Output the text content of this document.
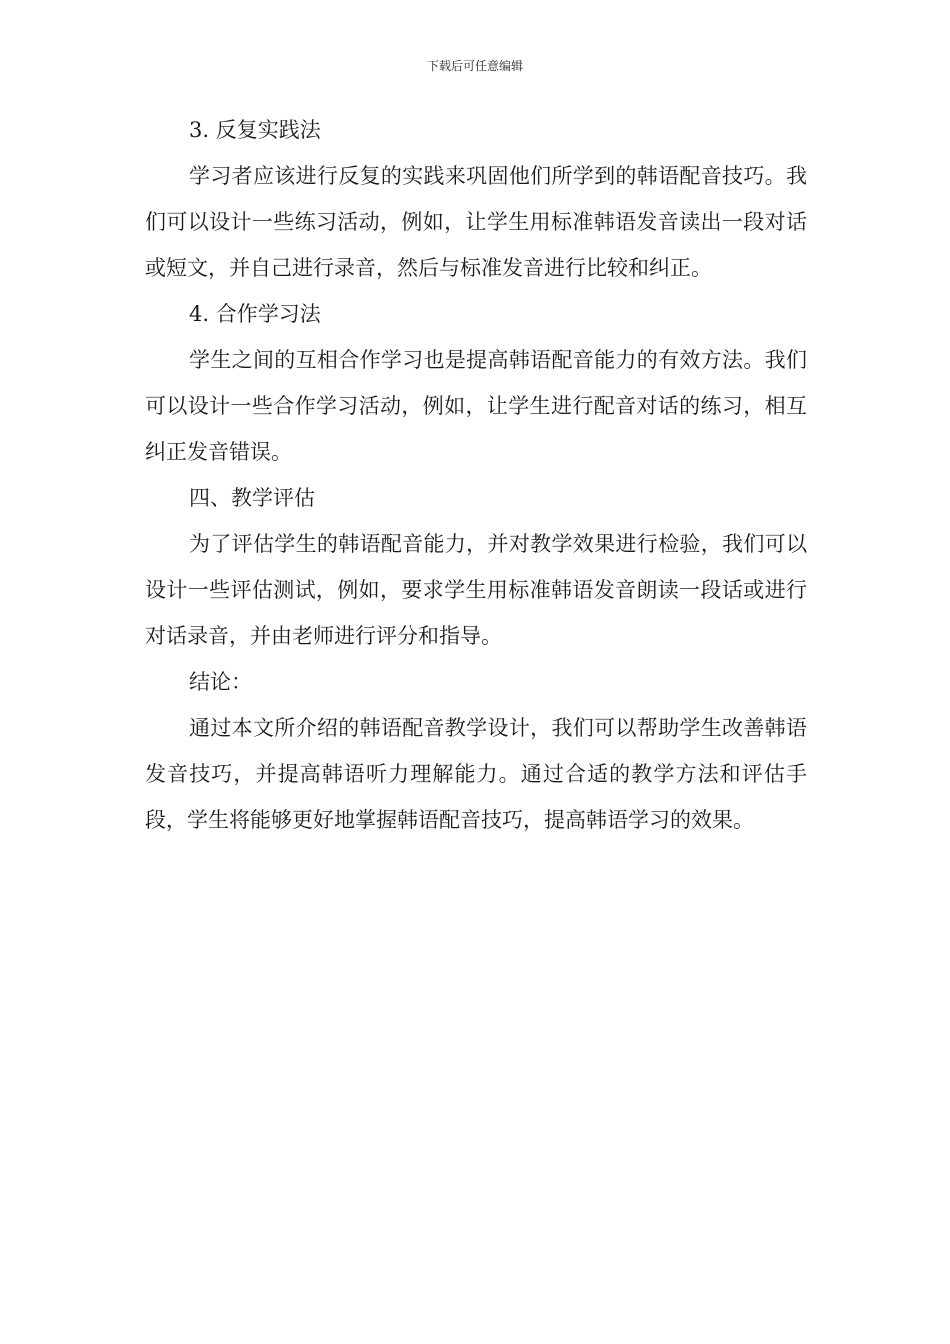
下载后可任意编辑

3. 反复实践法

学习者应该进行反复的实践来巩固他们所学到的韩语配音技巧。我们可以设计一些练习活动，例如，让学生用标准韩语发音读出一段对话或短文，并自己进行录音，然后与标准发音进行比较和纠正。

4. 合作学习法

学生之间的互相合作学习也是提高韩语配音能力的有效方法。我们可以设计一些合作学习活动，例如，让学生进行配音对话的练习，相互纠正发音错误。

四、教学评估

为了评估学生的韩语配音能力，并对教学效果进行检验，我们可以设计一些评估测试，例如，要求学生用标准韩语发音朗读一段话或进行对话录音，并由老师进行评分和指导。

结论：

通过本文所介绍的韩语配音教学设计，我们可以帮助学生改善韩语发音技巧，并提高韩语听力理解能力。通过合适的教学方法和评估手段，学生将能够更好地掌握韩语配音技巧，提高韩语学习的效果。
